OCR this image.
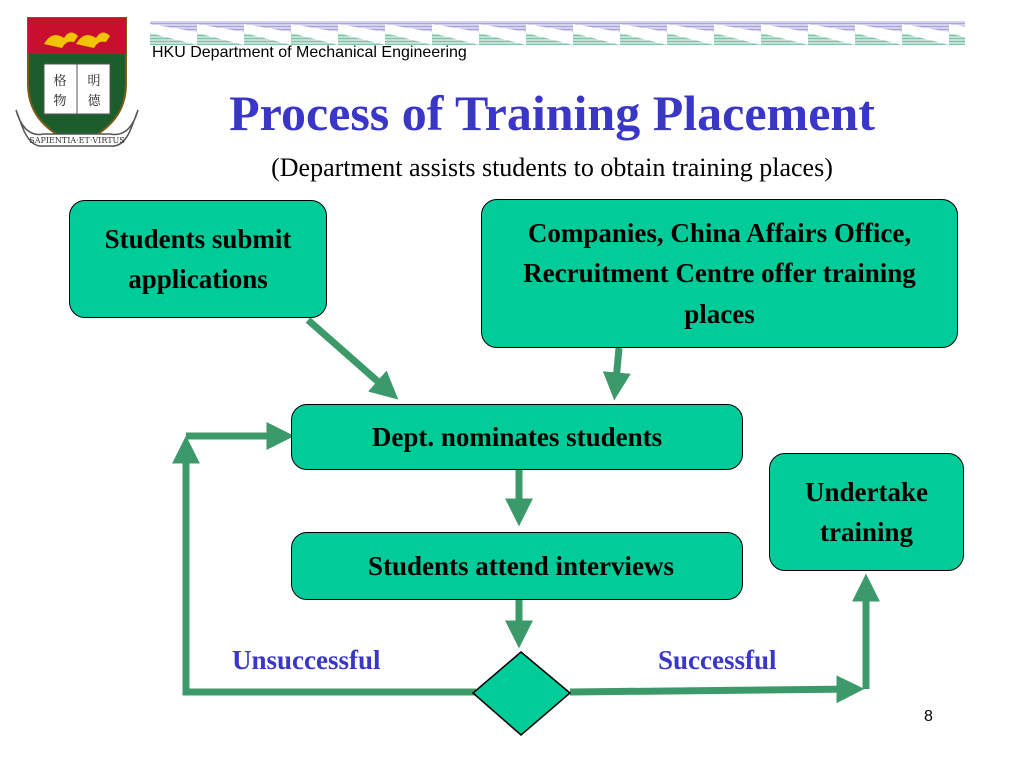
格 明
物 德
SAPIENTIA·ET·VIRTUS
HKU Department of Mechanical Engineering
Process of Training Placement
(Department assists students to obtain training places)
Students submit applications
Companies, China Affairs Office, Recruitment Centre offer training places
Dept. nominates students
Students attend interviews
Undertake training
Unsuccessful	Successful
8
